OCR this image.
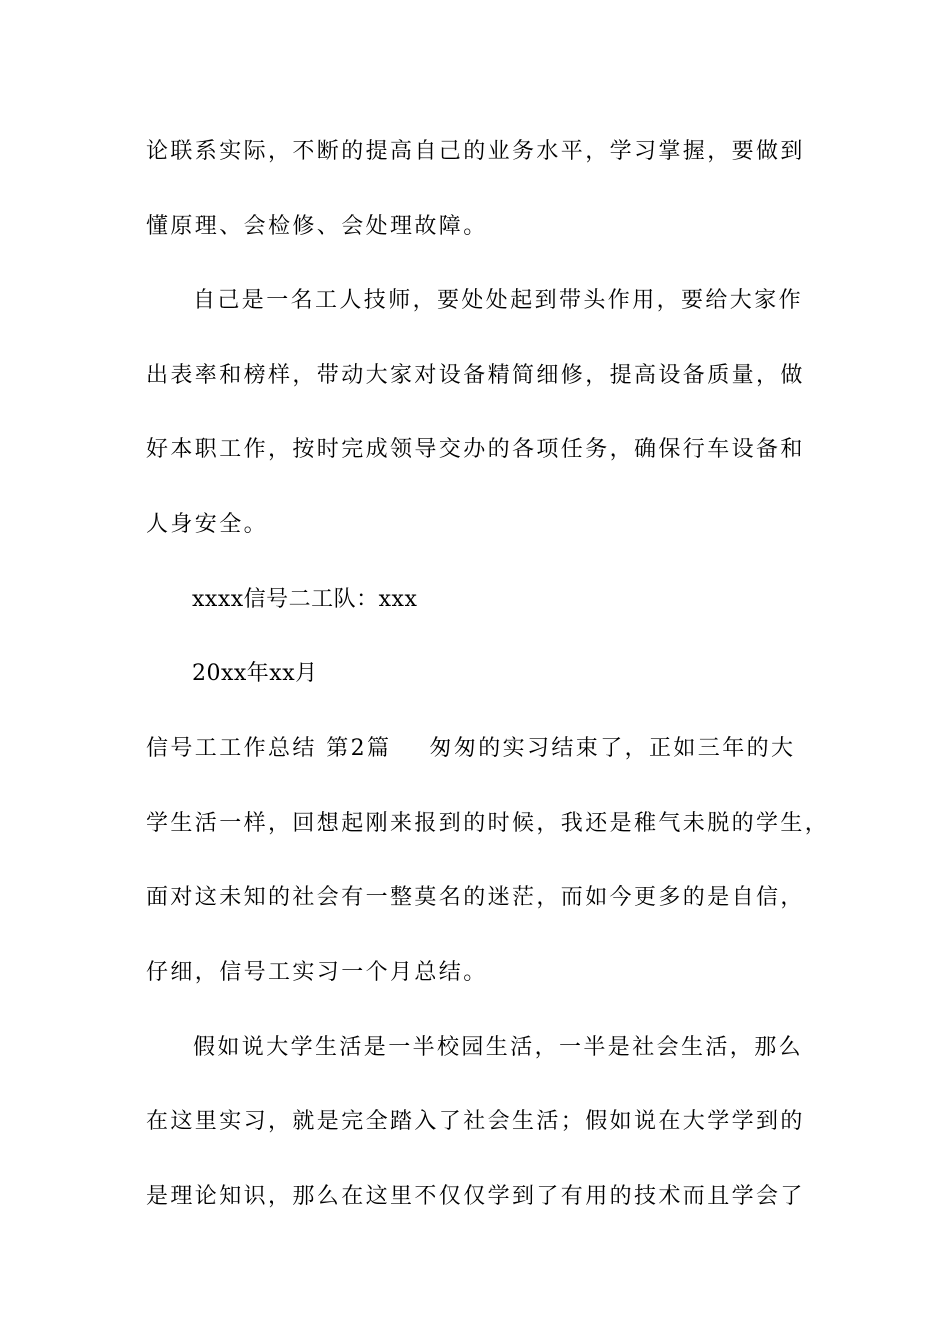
论联系实际，不断的提高自己的业务水平，学习掌握，要做到
懂原理、会检修、会处理故障。
自己是一名工人技师，要处处起到带头作用，要给大家作
出表率和榜样，带动大家对设备精简细修，提高设备质量，做
好本职工作，按时完成领导交办的各项任务，确保行车设备和
人身安全。
xxxx信号二工队：xxx
20xx年xx月
信号工工作总结 第2篇 匆匆的实习结束了，正如三年的大
学生活一样，回想起刚来报到的时候，我还是稚气未脱的学生，
面对这未知的社会有一整莫名的迷茫，而如今更多的是自信，
仔细，信号工实习一个月总结。
假如说大学生活是一半校园生活，一半是社会生活，那么
在这里实习，就是完全踏入了社会生活；假如说在大学学到的
是理论知识，那么在这里不仅仅学到了有用的技术而且学会了
